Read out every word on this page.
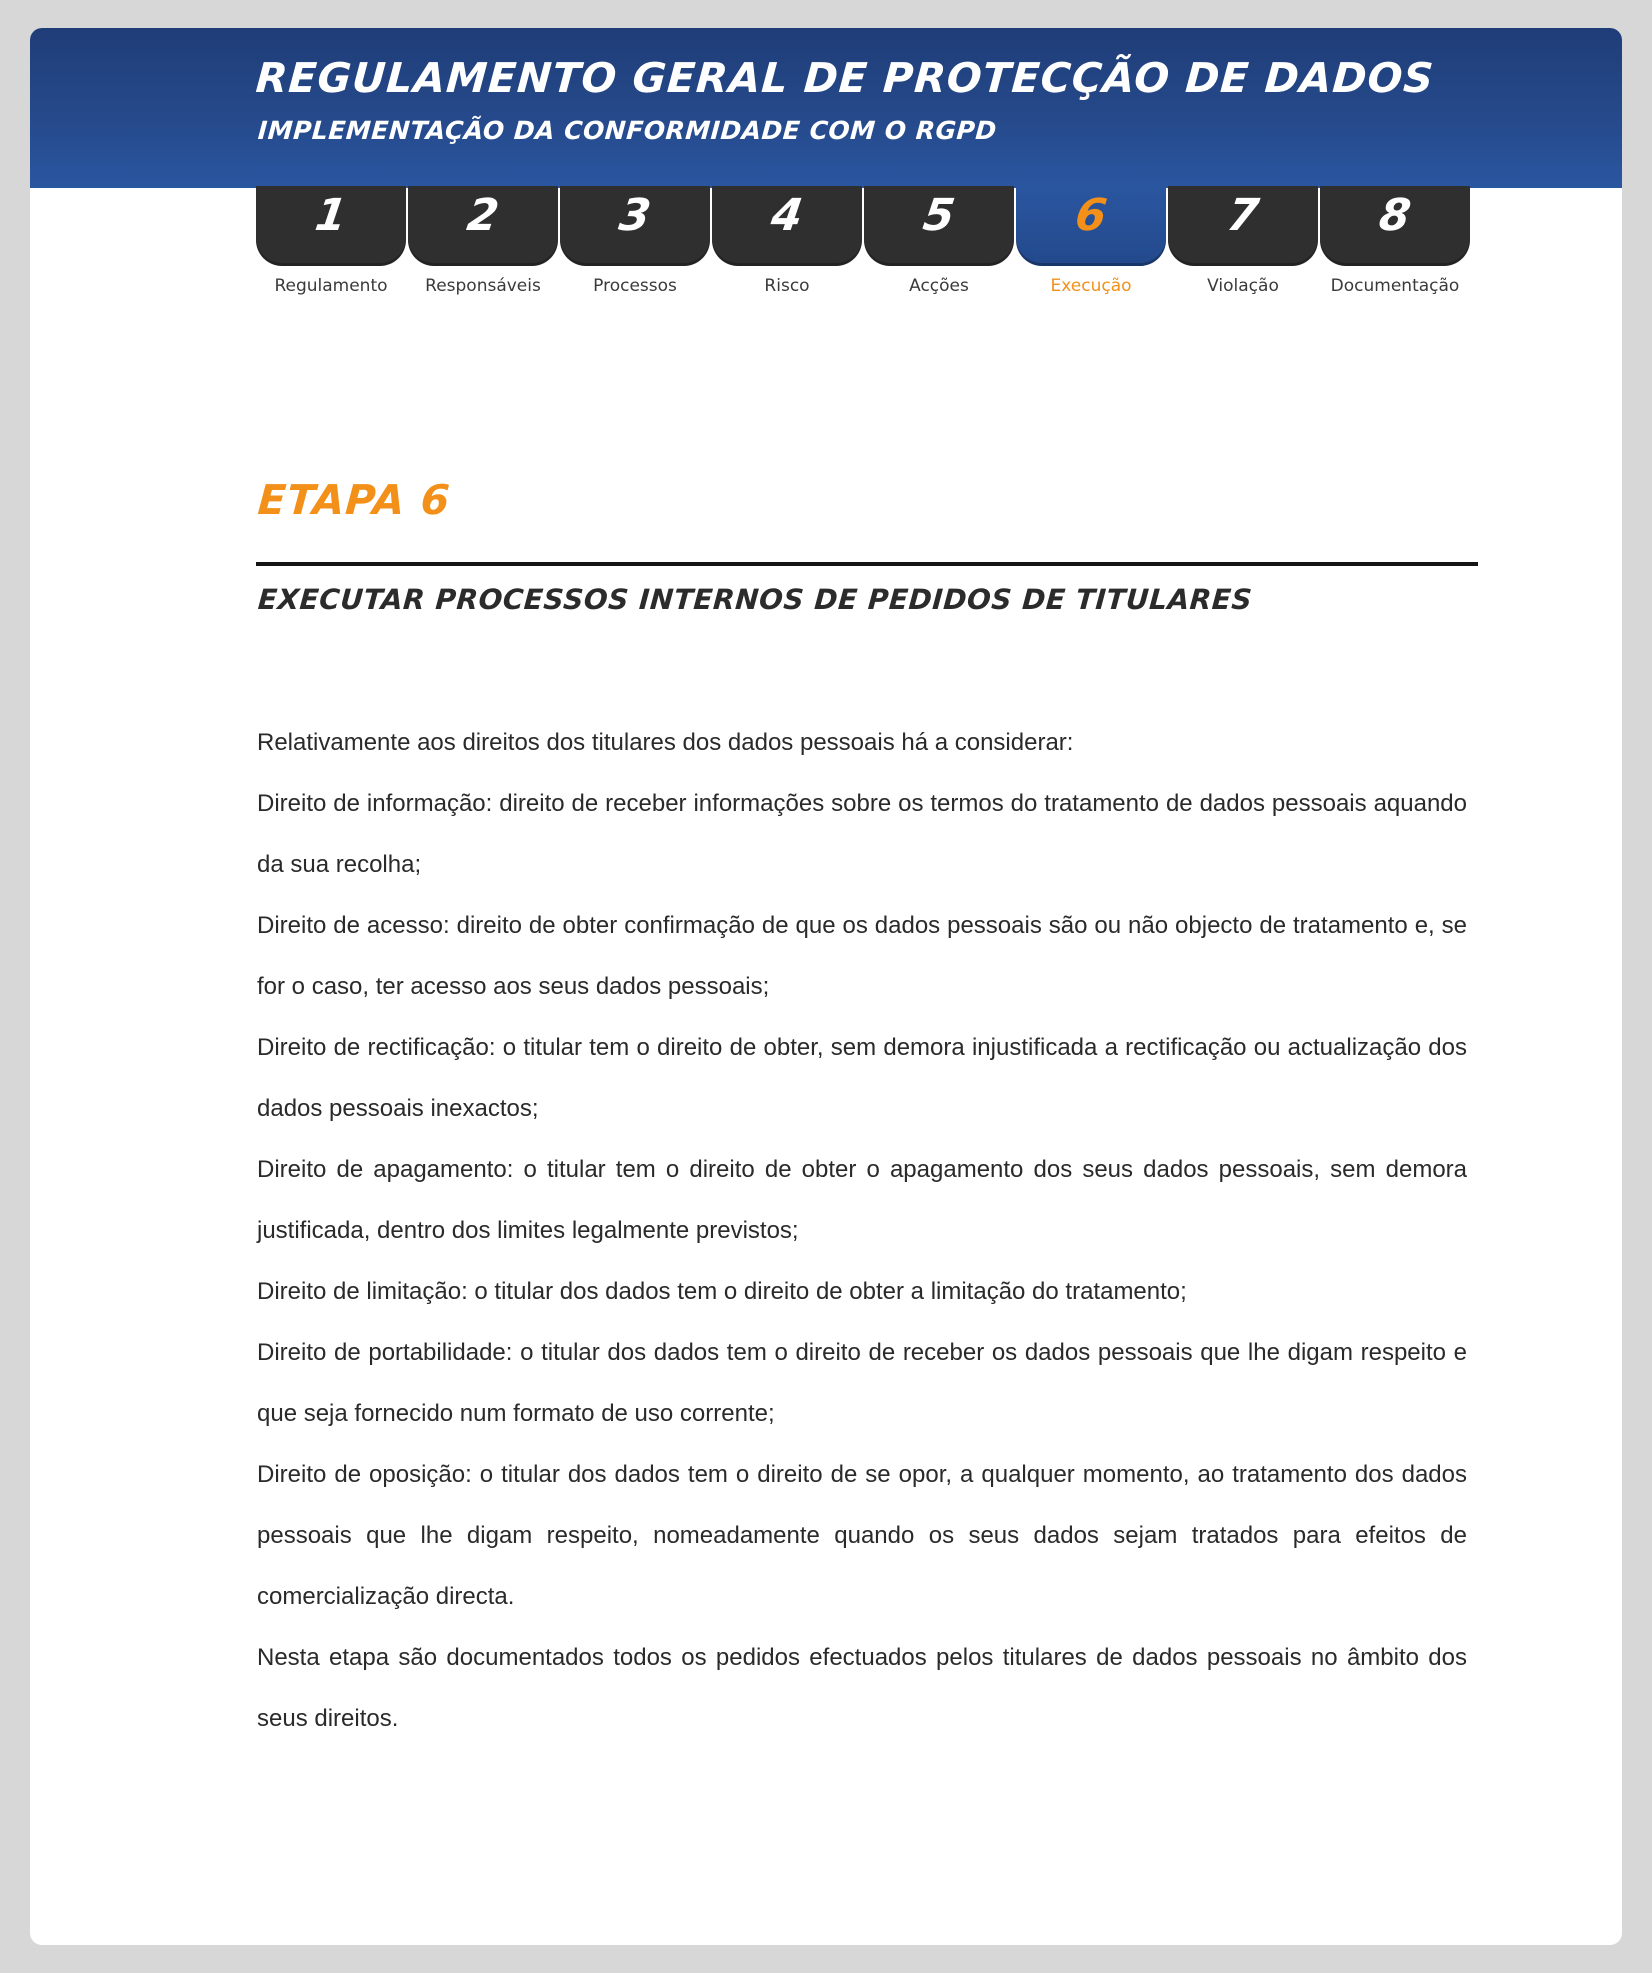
REGULAMENTO GERAL DE PROTECÇÃO DE DADOS
IMPLEMENTAÇÃO DA CONFORMIDADE COM O RGPD
1
Regulamento
2
Responsáveis
3
Processos
4
Risco
5
Acções
6
Execução
7
Violação
8
Documentação
ETAPA 6
EXECUTAR PROCESSOS INTERNOS DE PEDIDOS DE TITULARES

Relativamente aos direitos dos titulares dos dados pessoais há a considerar:

Direito de informação: direito de receber informações sobre os termos do tratamento de dados pessoais aquando da sua recolha;

Direito de acesso: direito de obter confirmação de que os dados pessoais são ou não objecto de tratamento e, se for o caso, ter acesso aos seus dados pessoais;

Direito de rectificação: o titular tem o direito de obter, sem demora injustificada a rectificação ou actualização dos dados pessoais inexactos;

Direito de apagamento: o titular tem o direito de obter o apagamento dos seus dados pessoais, sem demora justificada, dentro dos limites legalmente previstos;

Direito de limitação: o titular dos dados tem o direito de obter a limitação do tratamento;

Direito de portabilidade: o titular dos dados tem o direito de receber os dados pessoais que lhe digam respeito e que seja fornecido num formato de uso corrente;

Direito de oposição: o titular dos dados tem o direito de se opor, a qualquer momento, ao tratamento dos dados pessoais que lhe digam respeito, nomeadamente quando os seus dados sejam tratados para efeitos de comercialização directa.

Nesta etapa são documentados todos os pedidos efectuados pelos titulares de dados pessoais no âmbito dos seus direitos.
